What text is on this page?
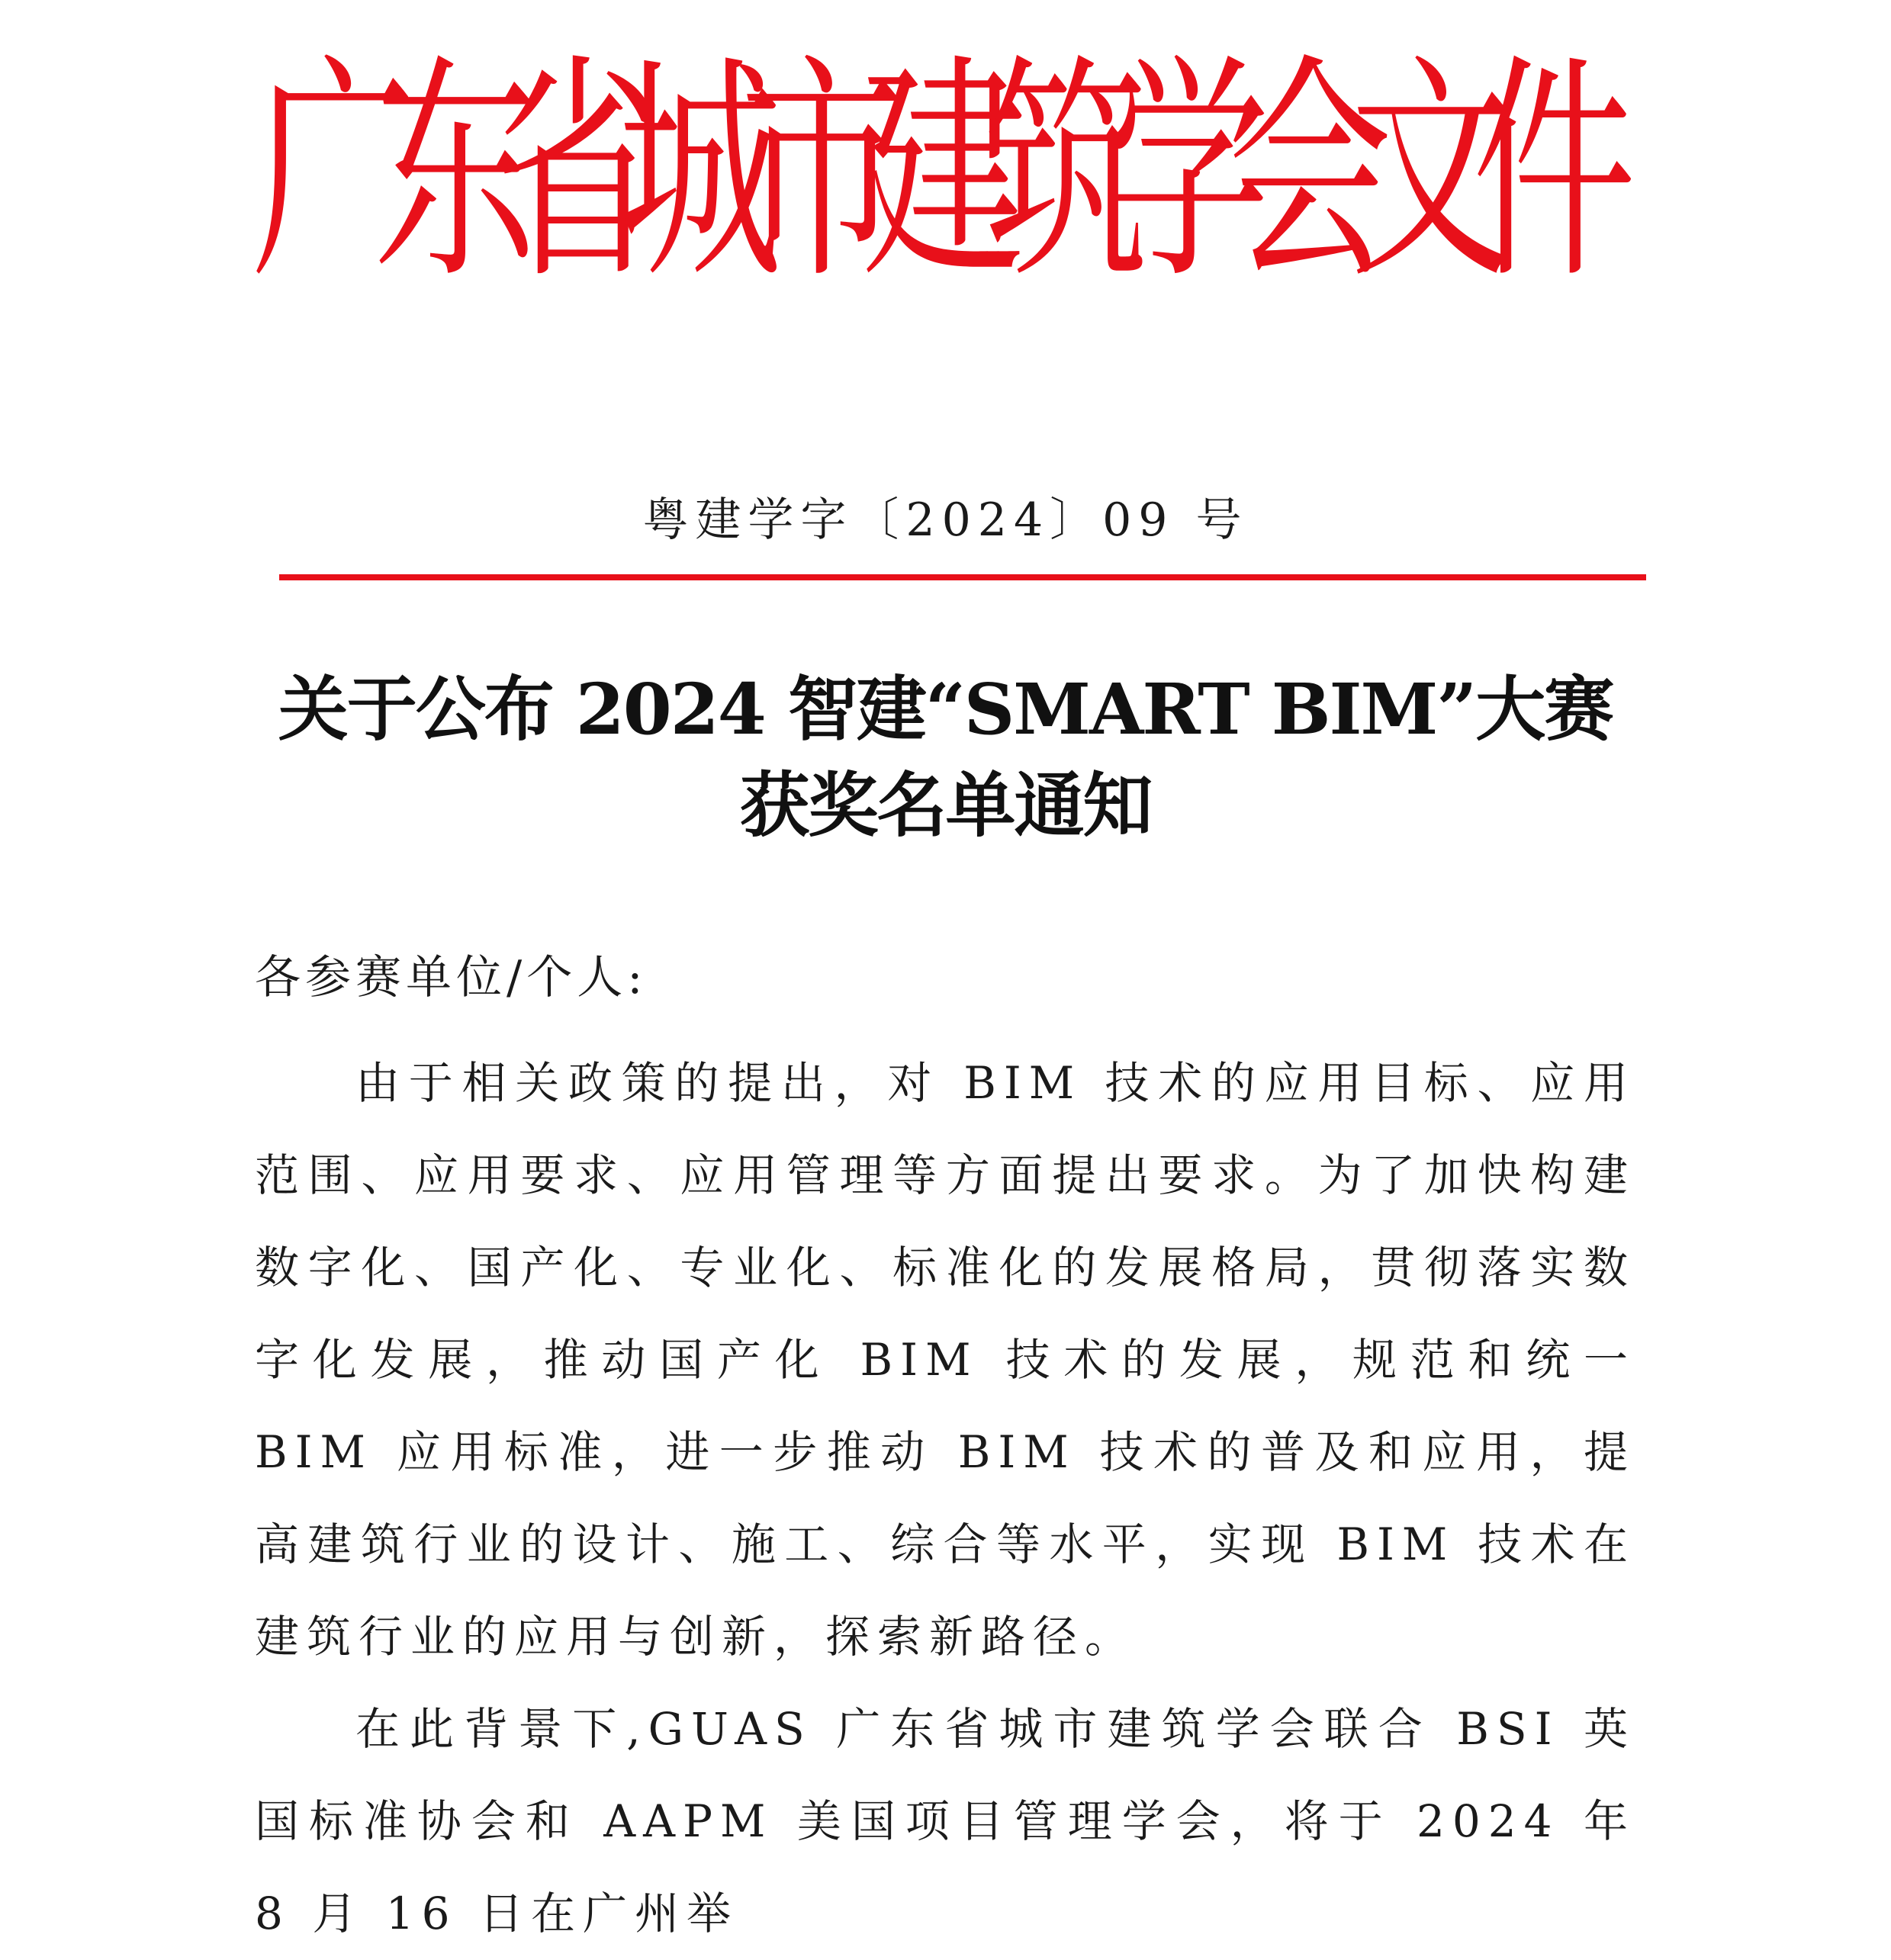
广
东
省
城
市
建
筑
学
会
文
件
粤建学字〔2024〕09 号
关于公布 2024 智建“SMART BIM”大赛
获奖名单通知
各参赛单位/个人:

由于相关政策的提出，对 BIM 技术的应用目标、应用范围、应用要求、应用管理等方面提出要求。为了加快构建数字化、国产化、专业化、标准化的发展格局，贯彻落实数字化发展，推动国产化 BIM 技术的发展，规范和统一 BIM 应用标准，进一步推动 BIM 技术的普及和应用，提高建筑行业的设计、施工、综合等水平，实现 BIM 技术在建筑行业的应用与创新，探索新路径。

在此背景下,GUAS 广东省城市建筑学会联合 BSI 英国标准协会和 AAPM 美国项目管理学会，将于 2024 年 8 月 16 日在广州举
